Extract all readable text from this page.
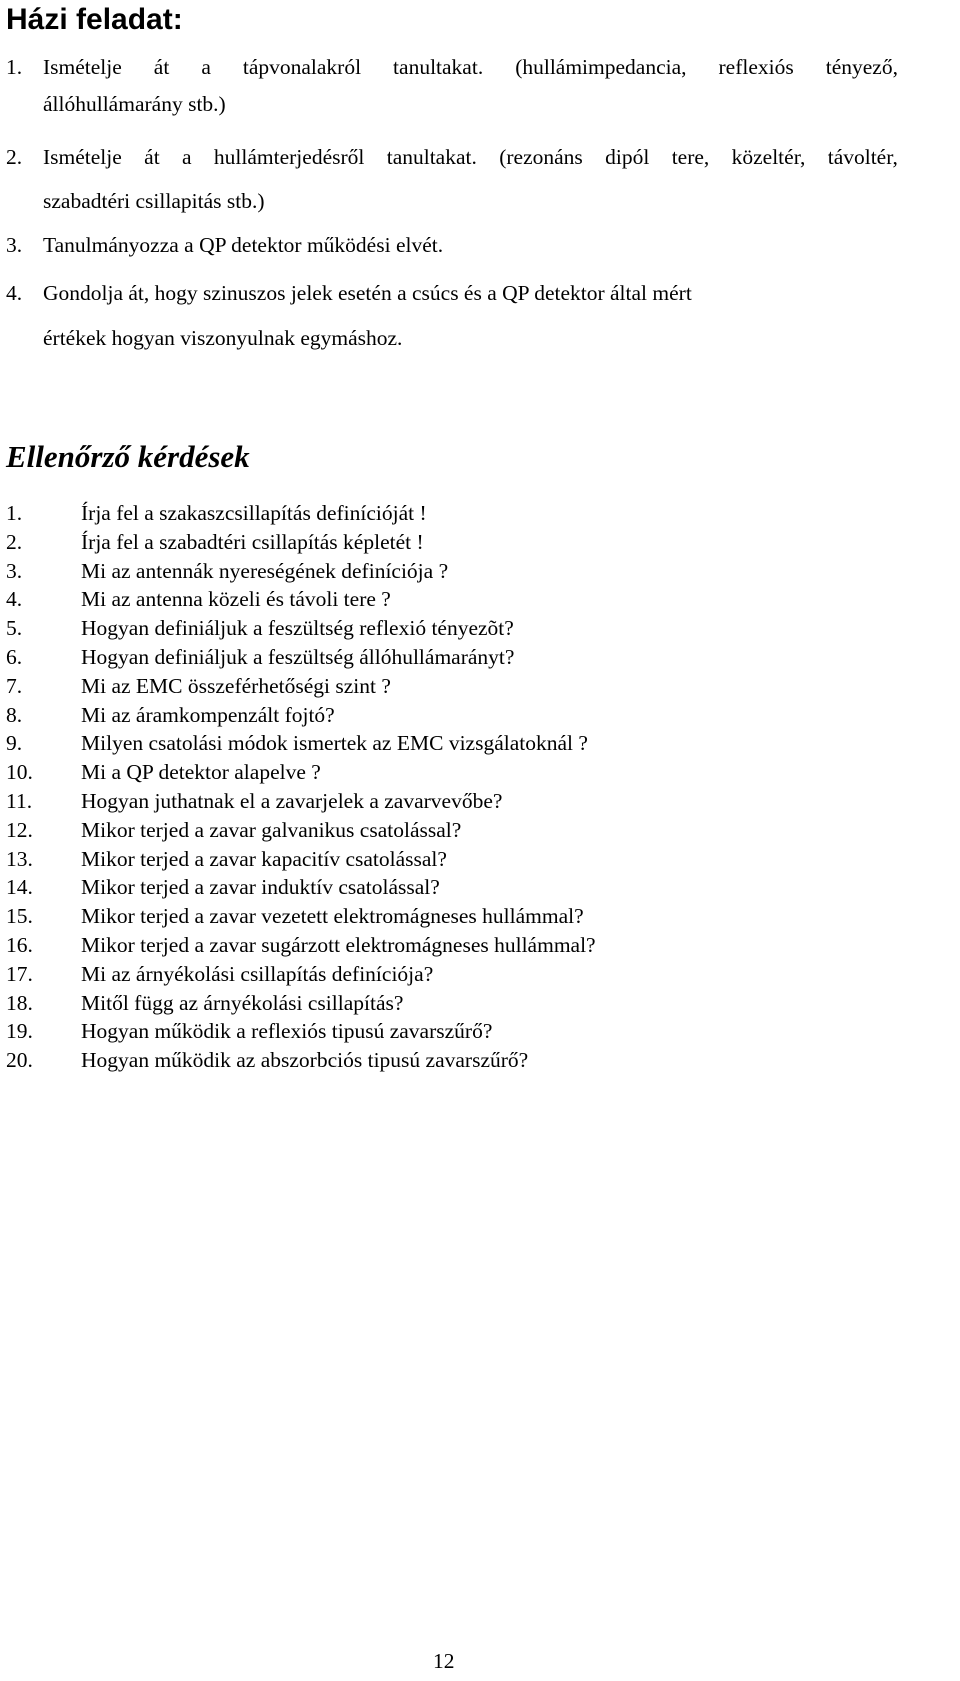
Házi feladat:
1. Ismételje át a tápvonalakról tanultakat. (hullámimpedancia, reflexiós tényező,
állóhullámarány stb.)
2. Ismételje át a hullámterjedésről tanultakat. (rezonáns dipól tere, közeltér, távoltér,
szabadtéri csillapitás stb.)
3. Tanulmányozza a QP detektor működési elvét.
4. Gondolja át, hogy szinuszos jelek esetén a csúcs és a QP detektor által mért
értékek hogyan viszonyulnak egymáshoz.
Ellenőrző kérdések
1.	Írja fel a szakaszcsillapítás definícióját !
2.	Írja fel a szabadtéri csillapítás képletét !
3.	Mi az antennák nyereségének definíciója ?
4.	Mi az antenna közeli és távoli tere ?
5.	Hogyan definiáljuk a feszültség reflexió tényezõt?
6.	Hogyan definiáljuk a feszültség állóhullámarányt?
7.	Mi az EMC összeférhetőségi szint ?
8.	Mi az áramkompenzált fojtó?
9.	Milyen csatolási módok ismertek az EMC vizsgálatoknál ?
10. Mi a QP detektor alapelve ?
11. Hogyan juthatnak el a zavarjelek a zavarvevőbe?
12. Mikor terjed a zavar galvanikus csatolással?
13. Mikor terjed a zavar kapacitív csatolással?
14. Mikor terjed a zavar induktív csatolással?
15. Mikor terjed a zavar vezetett elektromágneses hullámmal?
16. Mikor terjed a zavar sugárzott elektromágneses hullámmal?
17. Mi az árnyékolási csillapítás definíciója?
18. Mitől függ az árnyékolási csillapítás?
19. Hogyan működik a reflexiós tipusú zavarszűrő?
20. Hogyan működik az abszorbciós tipusú zavarszűrő?
12
